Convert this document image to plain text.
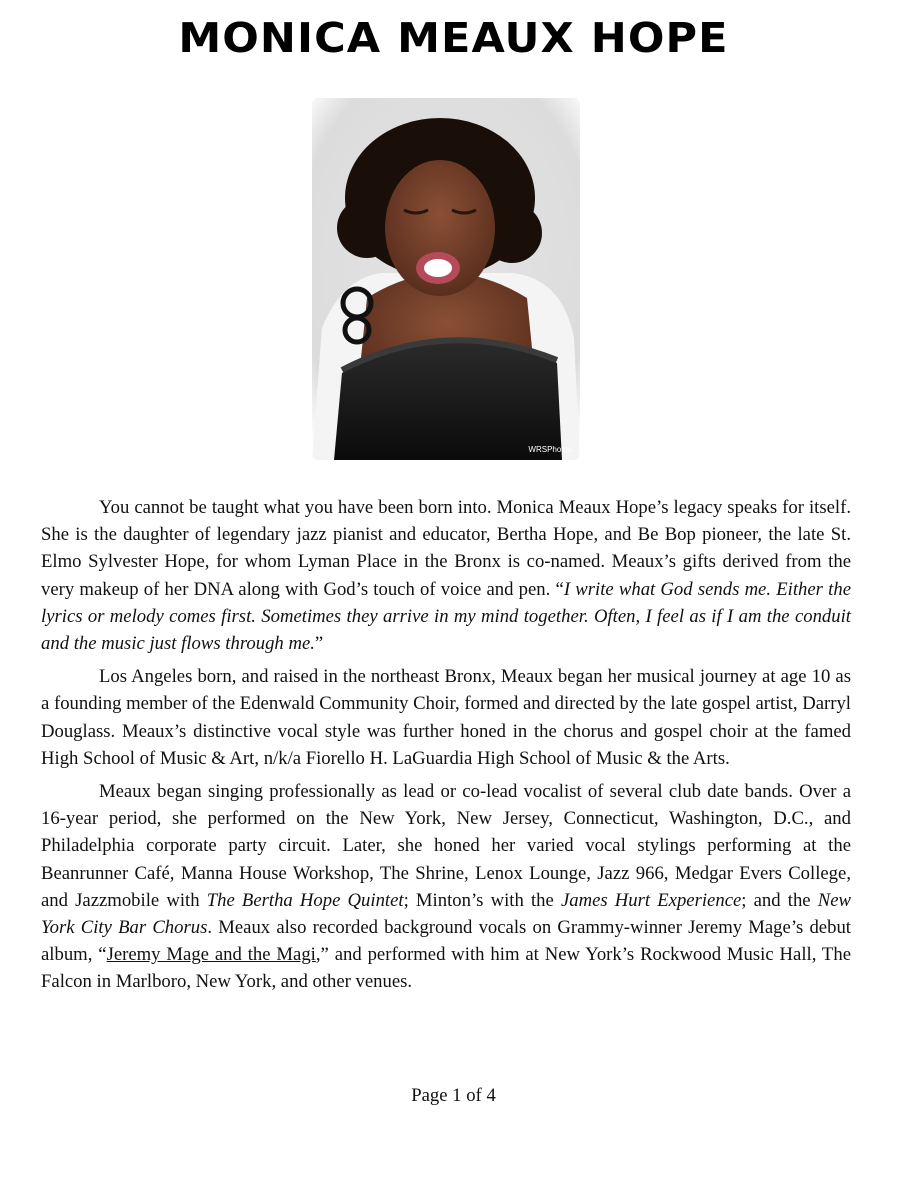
MONICA MEAUX HOPE
WRSPhotos

You cannot be taught what you have been born into. Monica Meaux Hope’s legacy speaks for itself. She is the daughter of legendary jazz pianist and educator, Bertha Hope, and Be Bop pioneer, the late St. Elmo Sylvester Hope, for whom Lyman Place in the Bronx is co-named. Meaux’s gifts derived from the very makeup of her DNA along with God’s touch of voice and pen. “I write what God sends me. Either the lyrics or melody comes first. Sometimes they arrive in my mind together. Often, I feel as if I am the conduit and the music just flows through me.”

Los Angeles born, and raised in the northeast Bronx, Meaux began her musical journey at age 10 as a founding member of the Edenwald Community Choir, formed and directed by the late gospel artist, Darryl Douglass. Meaux’s distinctive vocal style was further honed in the chorus and gospel choir at the famed High School of Music & Art, n/k/a Fiorello H. LaGuardia High School of Music & the Arts.

Meaux began singing professionally as lead or co-lead vocalist of several club date bands. Over a 16-year period, she performed on the New York, New Jersey, Connecticut, Washington, D.C., and Philadelphia corporate party circuit. Later, she honed her varied vocal stylings performing at the Beanrunner Café, Manna House Workshop, The Shrine, Lenox Lounge, Jazz 966, Medgar Evers College, and Jazzmobile with The Bertha Hope Quintet; Minton’s with the James Hurt Experience; and the New York City Bar Chorus. Meaux also recorded background vocals on Grammy-winner Jeremy Mage’s debut album, “Jeremy Mage and the Magi,” and performed with him at New York’s Rockwood Music Hall, The Falcon in Marlboro, New York, and other venues.

Page 1 of 4
